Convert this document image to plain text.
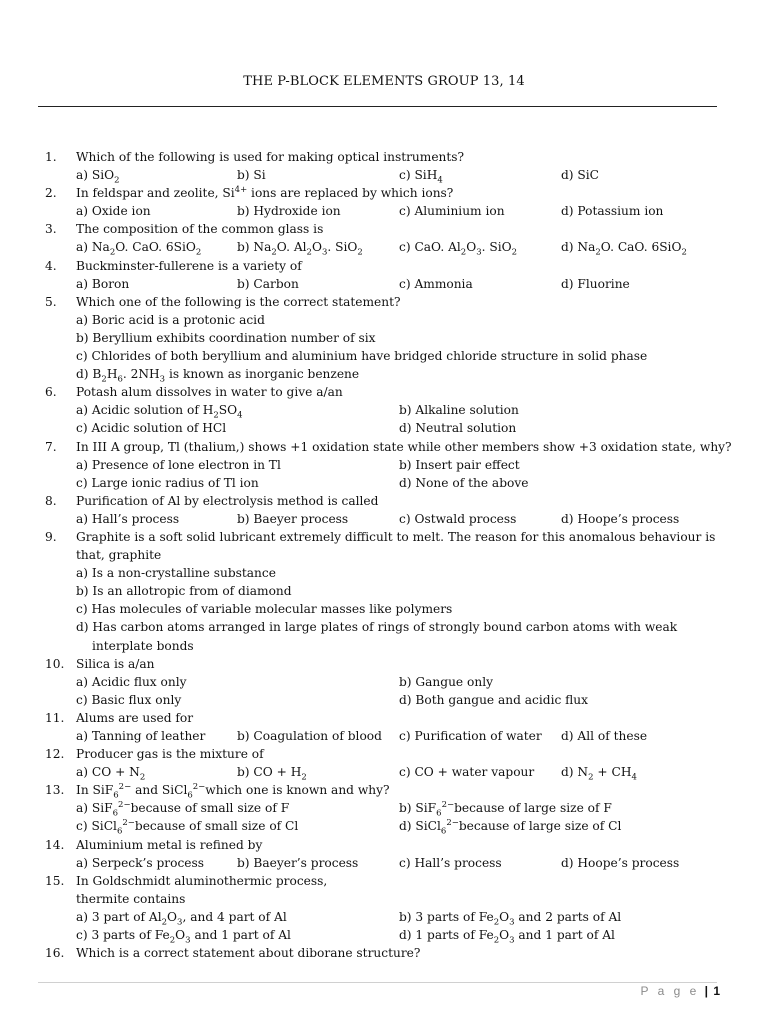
THE P-BLOCK ELEMENTS GROUP 13, 14
1. Which of the following is used for making optical instruments?
a) SiO$_2$	b) Si	c) SiH$_4$	d) SiC
2. In feldspar and zeolite, $Si^{4+}$ ions are replaced by which ions?
a) Oxide ion	b) Hydroxide ion	c) Aluminium ion	d) Potassium ion
3. The composition of the common glass is
a) $Na_2O$. CaO. 6SiO$_2$	b) $Na_2O$. $Al_2O_3$. SiO$_2$	c) CaO. $Al_2O_3$. SiO$_2$	d) $Na_2O$. CaO. 6SiO$_2$
4. Buckminster-fullerene is a variety of
a) Boron	b) Carbon	c) Ammonia	d) Fluorine
5. Which one of the following is the correct statement?
a) Boric acid is a protonic acid
b) Beryllium exhibits coordination number of six
c) Chlorides of both beryllium and aluminium have bridged chloride structure in solid phase
d) $B_2H_6$. $2NH_3$ is known as inorganic benzene
6. Potash alum dissolves in water to give a/an
a) Acidic solution of $H_2SO_4$	b) Alkaline solution
c) Acidic solution of HCl	d) Neutral solution
7. In III A group, Tl (thalium,) shows +1 oxidation state while other members show +3 oxidation state, why?
a) Presence of lone electron in Tl	b) Insert pair effect
c) Large ionic radius of Tl ion	d) None of the above
8. Purification of Al by electrolysis method is called
a) Hall’s process	b) Baeyer process	c) Ostwald process	d) Hoope’s process
9. Graphite is a soft solid lubricant extremely difficult to melt. The reason for this anomalous behaviour is
that, graphite
a) Is a non-crystalline substance
b) Is an allotropic from of diamond
c) Has molecules of variable molecular masses like polymers
d) Has carbon atoms arranged in large plates of rings of strongly bound carbon atoms with weak
interplate bonds
10. Silica is a/an
a) Acidic flux only	b) Gangue only
c) Basic flux only	d) Both gangue and acidic flux
11. Alums are used for
a) Tanning of leather	b) Coagulation of blood c) Purification of water d) All of these
12. Producer gas is the mixture of
a) CO + $N_2$	b) CO + $H_2$	c) CO + water vapour d) $N_2 + CH_4$
13. In SiF$_6^{2-}$ and SiCl$_6^{2-}$which one is known and why?
a) SiF$_6^{2-}$because of small size of F	b) SiF$_6^{2-}$because of large size of F
c) SiCl$_6^{2-}$because of small size of Cl	d) SiCl$_6^{2-}$because of large size of Cl
14. Aluminium metal is refined by
a) Serpeck’s process	b) Baeyer’s process	c) Hall’s process	d) Hoope’s process
15. In Goldschmidt aluminothermic process,
thermite contains
a) 3 part of $Al_2O_3$, and 4 part of Al	b) 3 parts of $Fe_2O_3$ and 2 parts of Al
c) 3 parts of $Fe_2O_3$ and 1 part of Al	d) 1 parts of $Fe_2O_3$ and 1 part of Al
16. Which is a correct statement about diborane structure?
P a g e | 1
